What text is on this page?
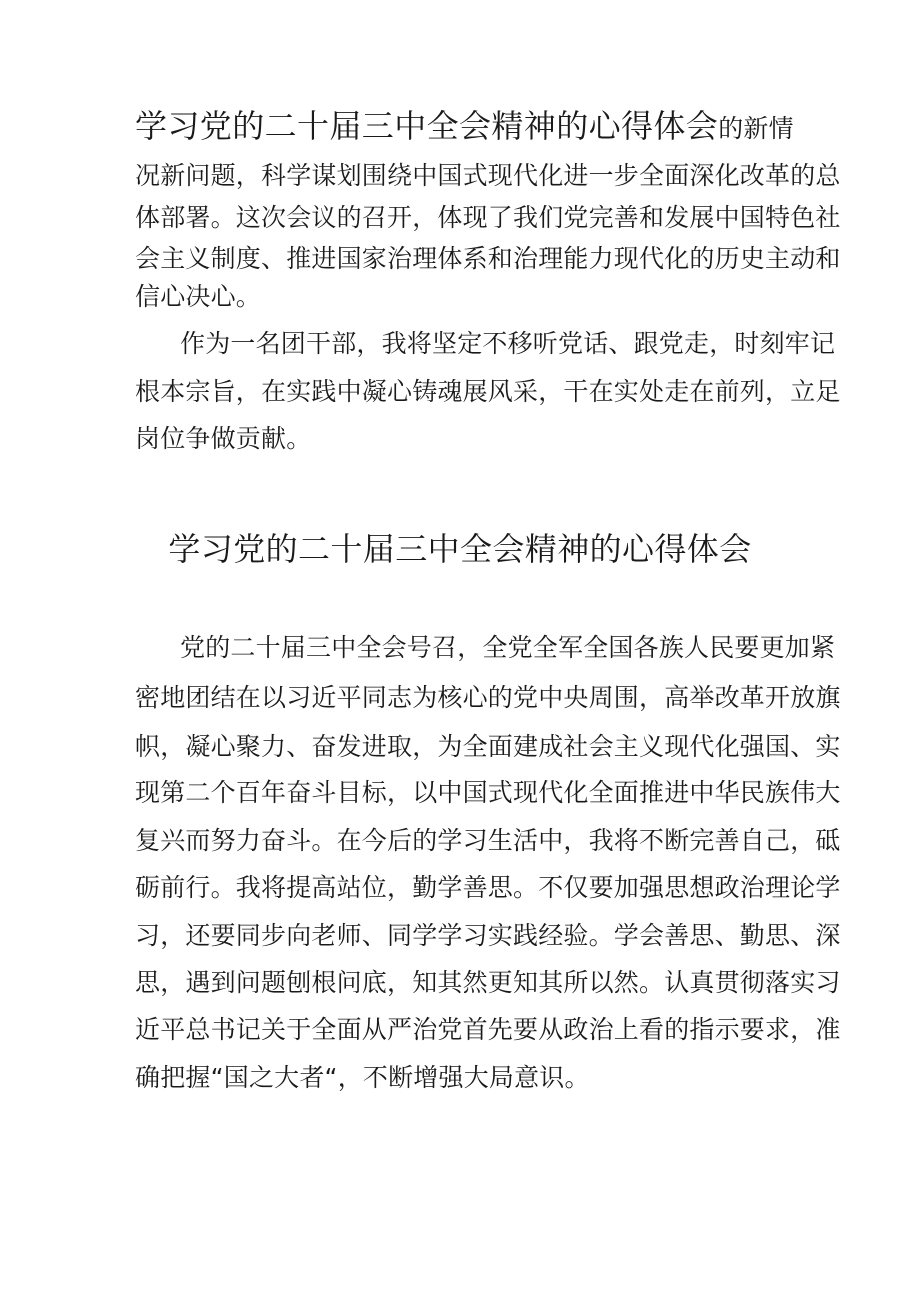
学习党的二十届三中全会精神的心得体会的新情
况新问题，科学谋划围绕中国式现代化进一步全面深化改革的总
体部署。这次会议的召开，体现了我们党完善和发展中国特色社
会主义制度、推进国家治理体系和治理能力现代化的历史主动和
信心决心。
作为一名团干部，我将坚定不移听党话、跟党走，时刻牢记
根本宗旨，在实践中凝心铸魂展风采，干在实处走在前列，立足
岗位争做贡献。
学习党的二十届三中全会精神的心得体会
党的二十届三中全会号召，全党全军全国各族人民要更加紧
密地团结在以习近平同志为核心的党中央周围，高举改革开放旗
帜，凝心聚力、奋发进取，为全面建成社会主义现代化强国、实
现第二个百年奋斗目标，以中国式现代化全面推进中华民族伟大
复兴而努力奋斗。在今后的学习生活中，我将不断完善自己，砥
砺前行。我将提高站位，勤学善思。不仅要加强思想政治理论学
习，还要同步向老师、同学学习实践经验。学会善思、勤思、深
思，遇到问题刨根问底，知其然更知其所以然。认真贯彻落实习
近平总书记关于全面从严治党首先要从政治上看的指示要求，准
确把握“国之大者“，不断增强大局意识。
